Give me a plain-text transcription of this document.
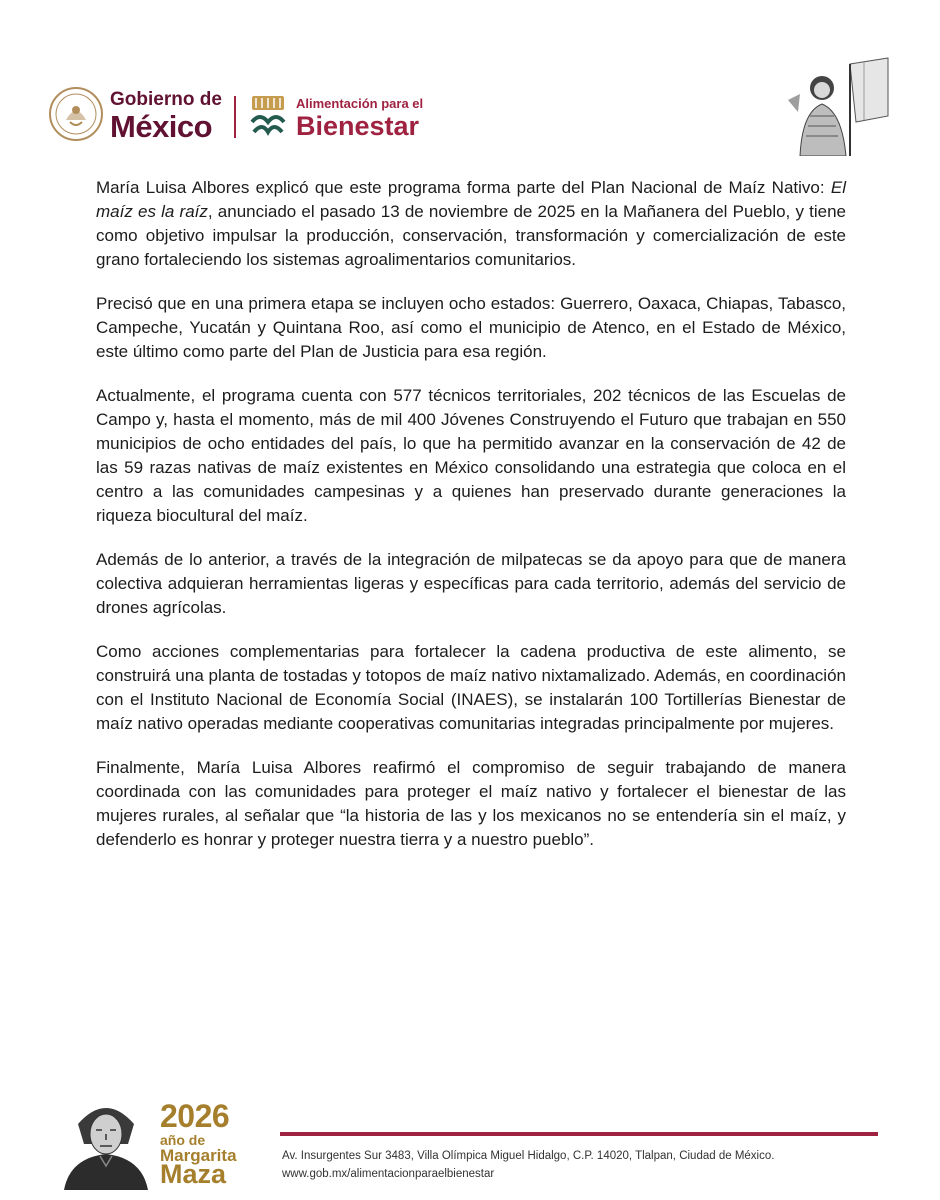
Gobierno de
México
Alimentación para el
Bienestar

María Luisa Albores explicó que este programa forma parte del Plan Nacional de Maíz Nativo: El maíz es la raíz, anunciado el pasado 13 de noviembre de 2025 en la Mañanera del Pueblo, y tiene como objetivo impulsar la producción, conservación, transformación y comercialización de este grano fortaleciendo los sistemas agroalimentarios comunitarios.

Precisó que en una primera etapa se incluyen ocho estados: Guerrero, Oaxaca, Chiapas, Tabasco, Campeche, Yucatán y Quintana Roo, así como el municipio de Atenco, en el Estado de México, este último como parte del Plan de Justicia para esa región.

Actualmente, el programa cuenta con 577 técnicos territoriales, 202 técnicos de las Escuelas de Campo y, hasta el momento, más de mil 400 Jóvenes Construyendo el Futuro que trabajan en 550 municipios de ocho entidades del país, lo que ha permitido avanzar en la conservación de 42 de las 59 razas nativas de maíz existentes en México consolidando una estrategia que coloca en el centro a las comunidades campesinas y a quienes han preservado durante generaciones la riqueza biocultural del maíz.

Además de lo anterior, a través de la integración de milpatecas se da apoyo para que de manera colectiva adquieran herramientas ligeras y específicas para cada territorio, además del servicio de drones agrícolas.

Como acciones complementarias para fortalecer la cadena productiva de este alimento, se construirá una planta de tostadas y totopos de maíz nativo nixtamalizado. Además, en coordinación con el Instituto Nacional de Economía Social (INAES), se instalarán 100 Tortillerías Bienestar de maíz nativo operadas mediante cooperativas comunitarias integradas principalmente por mujeres.

Finalmente, María Luisa Albores reafirmó el compromiso de seguir trabajando de manera coordinada con las comunidades para proteger el maíz nativo y fortalecer el bienestar de las mujeres rurales, al señalar que “la historia de las y los mexicanos no se entendería sin el maíz, y defenderlo es honrar y proteger nuestra tierra y a nuestro pueblo”.

2026
año de
Margarita
Maza
Av. Insurgentes Sur 3483, Villa Olímpica Miguel Hidalgo, C.P. 14020, Tlalpan, Ciudad de México.
www.gob.mx/alimentacionparaelbienestar
